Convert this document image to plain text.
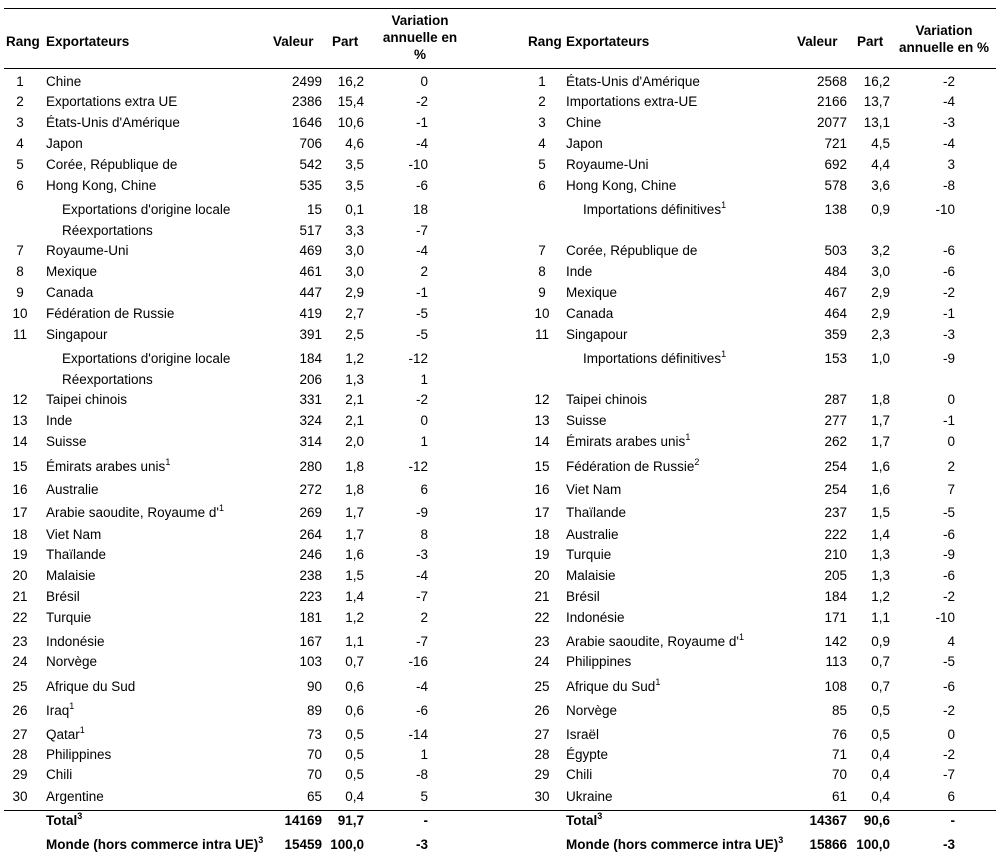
Rang Exportateurs	Valeur Part
Variation
annuelle en
%
Rang Exportateurs	Valeur Part
Variation
annuelle en %
1	Chine	2499 16,2	0
2	Exportations extra UE	2386 15,4	-2
3	États-Unis d'Amérique	1646 10,6	-1
4	Japon	706 4,6	-4
5	Corée, République de	542 3,5	-10
6	Hong Kong, Chine	535 3,5	-6
Exportations d'origine locale	15 0,1	18
Réexportations	517 3,3	-7
7	Royaume-Uni	469 3,0	-4
8	Mexique	461 3,0	2
9	Canada	447 2,9	-1
10	Fédération de Russie	419 2,7	-5
11	Singapour	391 2,5	-5
Exportations d'origine locale	184 1,2	-12
Réexportations	206 1,3	1
12	Taipei chinois	331 2,1	-2
13	Inde	324 2,1	0
14	Suisse	314 2,0	1
15	Émirats arabes unis$^1$	280 1,8	-12
16	Australie	272 1,8	6
17	Arabie saoudite, Royaume $d'^1$	269 1,7	-9
18	Viet Nam	264 1,7	8
19	Thaïlande	246 1,6	-3
20	Malaisie	238 1,5	-4
21	Brésil	223 1,4	-7
22	Turquie	181 1,2	2
23	Indonésie	167 1,1	-7
24	Norvège	103 0,7	-16
25	Afrique du Sud	90 0,6	-4
26	Iraq$^1$	89 0,6	-6
27	Qatar$^1$	73 0,5	-14
28	Philippines	70 0,5	1
29	Chili	70 0,5	-8
30	Argentine	65 0,4	5
Total$^3$	14169 91,7	-
Monde (hors commerce intra UE)$^3$ 15459 100,0	-3
1	États-Unis d'Amérique	2568 16,2	-2
2	Importations extra-UE	2166 13,7	-4
3	Chine	2077 13,1	-3
4	Japon	721 4,5	-4
5	Royaume-Uni	692 4,4	3
6	Hong Kong, Chine	578 3,6	-8
Importations définitives$^1$	138 0,9	-10
7	Corée, République de	503 3,2	-6
8	Inde	484 3,0	-6
9	Mexique	467 2,9	-2
10	Canada	464 2,9	-1
11	Singapour	359 2,3	-3
Importations définitives$^1$	153 1,0	-9
12	Taipei chinois	287 1,8	0
13	Suisse	277 1,7	-1
14	Émirats arabes unis$^1$	262 1,7	0
15	Fédération de Russie$^2$	254 1,6	2
16	Viet Nam	254 1,6	7
17	Thaïlande	237 1,5	-5
18	Australie	222 1,4	-6
19	Turquie	210 1,3	-9
20	Malaisie	205 1,3	-6
21	Brésil	184 1,2	-2
22	Indonésie	171 1,1	-10
23	Arabie saoudite, Royaume $d'^1$	142 0,9	4
24	Philippines	113 0,7	-5
25	Afrique du Sud$^1$	108 0,7	-6
26	Norvège	85 0,5	-2
27	Israël	76 0,5	0
28	Égypte	71 0,4	-2
29	Chili	70 0,4	-7
30	Ukraine	61 0,4	6
Total$^3$	14367 90,6	-
Monde (hors commerce intra UE)$^3$ 15866 100,0	-3
